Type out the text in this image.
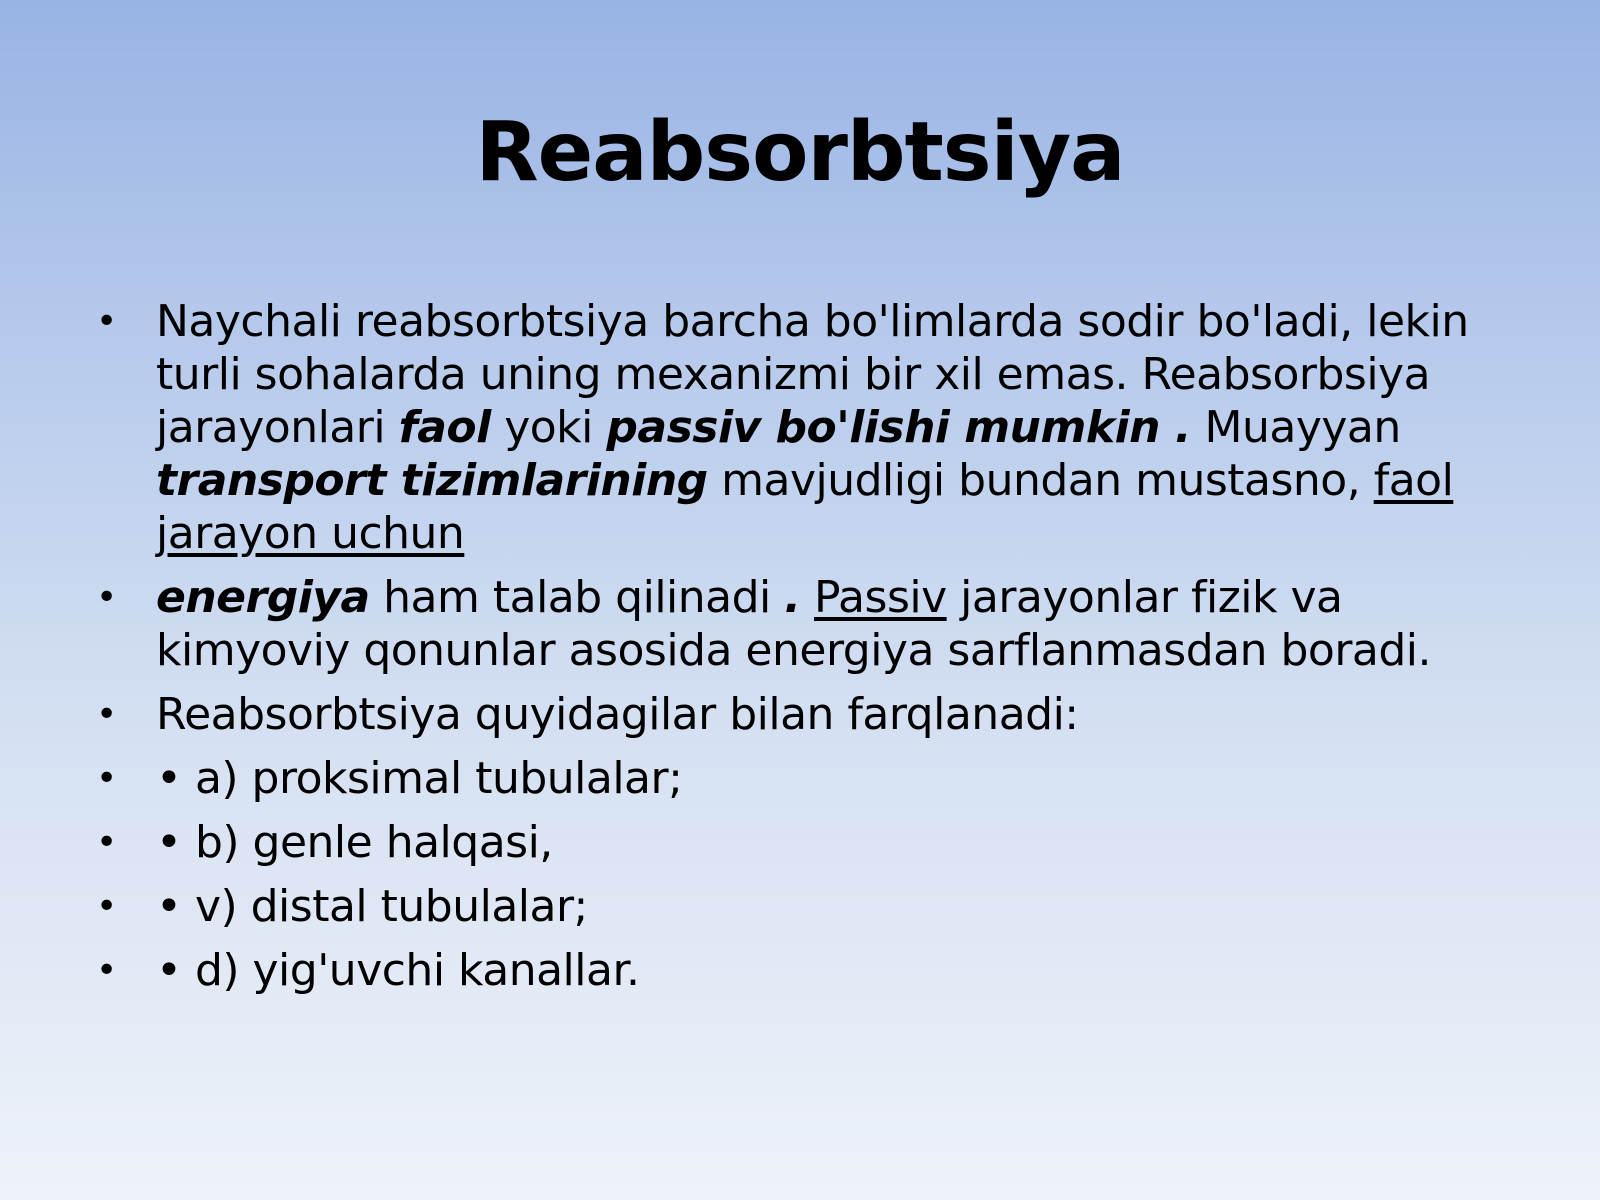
Reabsorbtsiya
• Naychali reabsorbtsiya barcha bo'limlarda sodir bo'ladi, lekin turli sohalarda uning mexanizmi bir xil emas. Reabsorbsiya jarayonlari faol yoki passiv bo'lishi mumkin . Muayyan transport tizimlarining mavjudligi bundan mustasno, faol jarayon uchun
• energiya ham talab qilinadi . Passiv jarayonlar fizik va kimyoviy qonunlar asosida energiya sarflanmasdan boradi.
• Reabsorbtsiya quyidagilar bilan farqlanadi:
• • a) proksimal tubulalar;
• • b) genle halqasi,
• • v) distal tubulalar;
• • d) yig'uvchi kanallar.
